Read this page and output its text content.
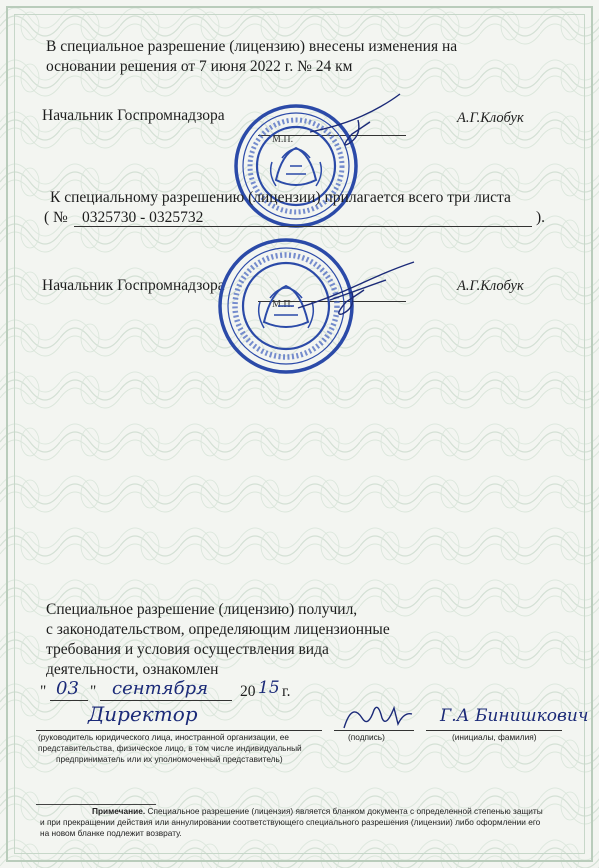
В специальное разрешение (лицензию) внесены изменения на
основании решения от 7 июня 2022 г. № 24 км
Начальник Госпромнадзора
М.П.
А.Г.Клобук
К специальному разрешению (лицензии) прилагается всего три листа
( № 0325730 - 0325732	).
Начальник Госпромнадзора
М.П.
А.Г.Клобук
Специальное разрешение (лицензию) получил,
с законодательством, определяющим лицензионные
требования и условия осуществления вида
деятельности, ознакомлен
" 03 " сентября 20 15 г.
Директор	Г.А Бинишкович
(руководитель юридического лица, иностранной организации, ее
представительства, физическое лицо, в том числе индивидуальный
предприниматель или их уполномоченный представитель)
(подпись)	(инициалы, фамилия)
Примечание. Специальное разрешение (лицензия) является бланком документа с определенной степенью защиты
и при прекращении действия или аннулировании соответствующего специального разрешения (лицензии) либо оформлении его
на новом бланке подлежит возврату.
